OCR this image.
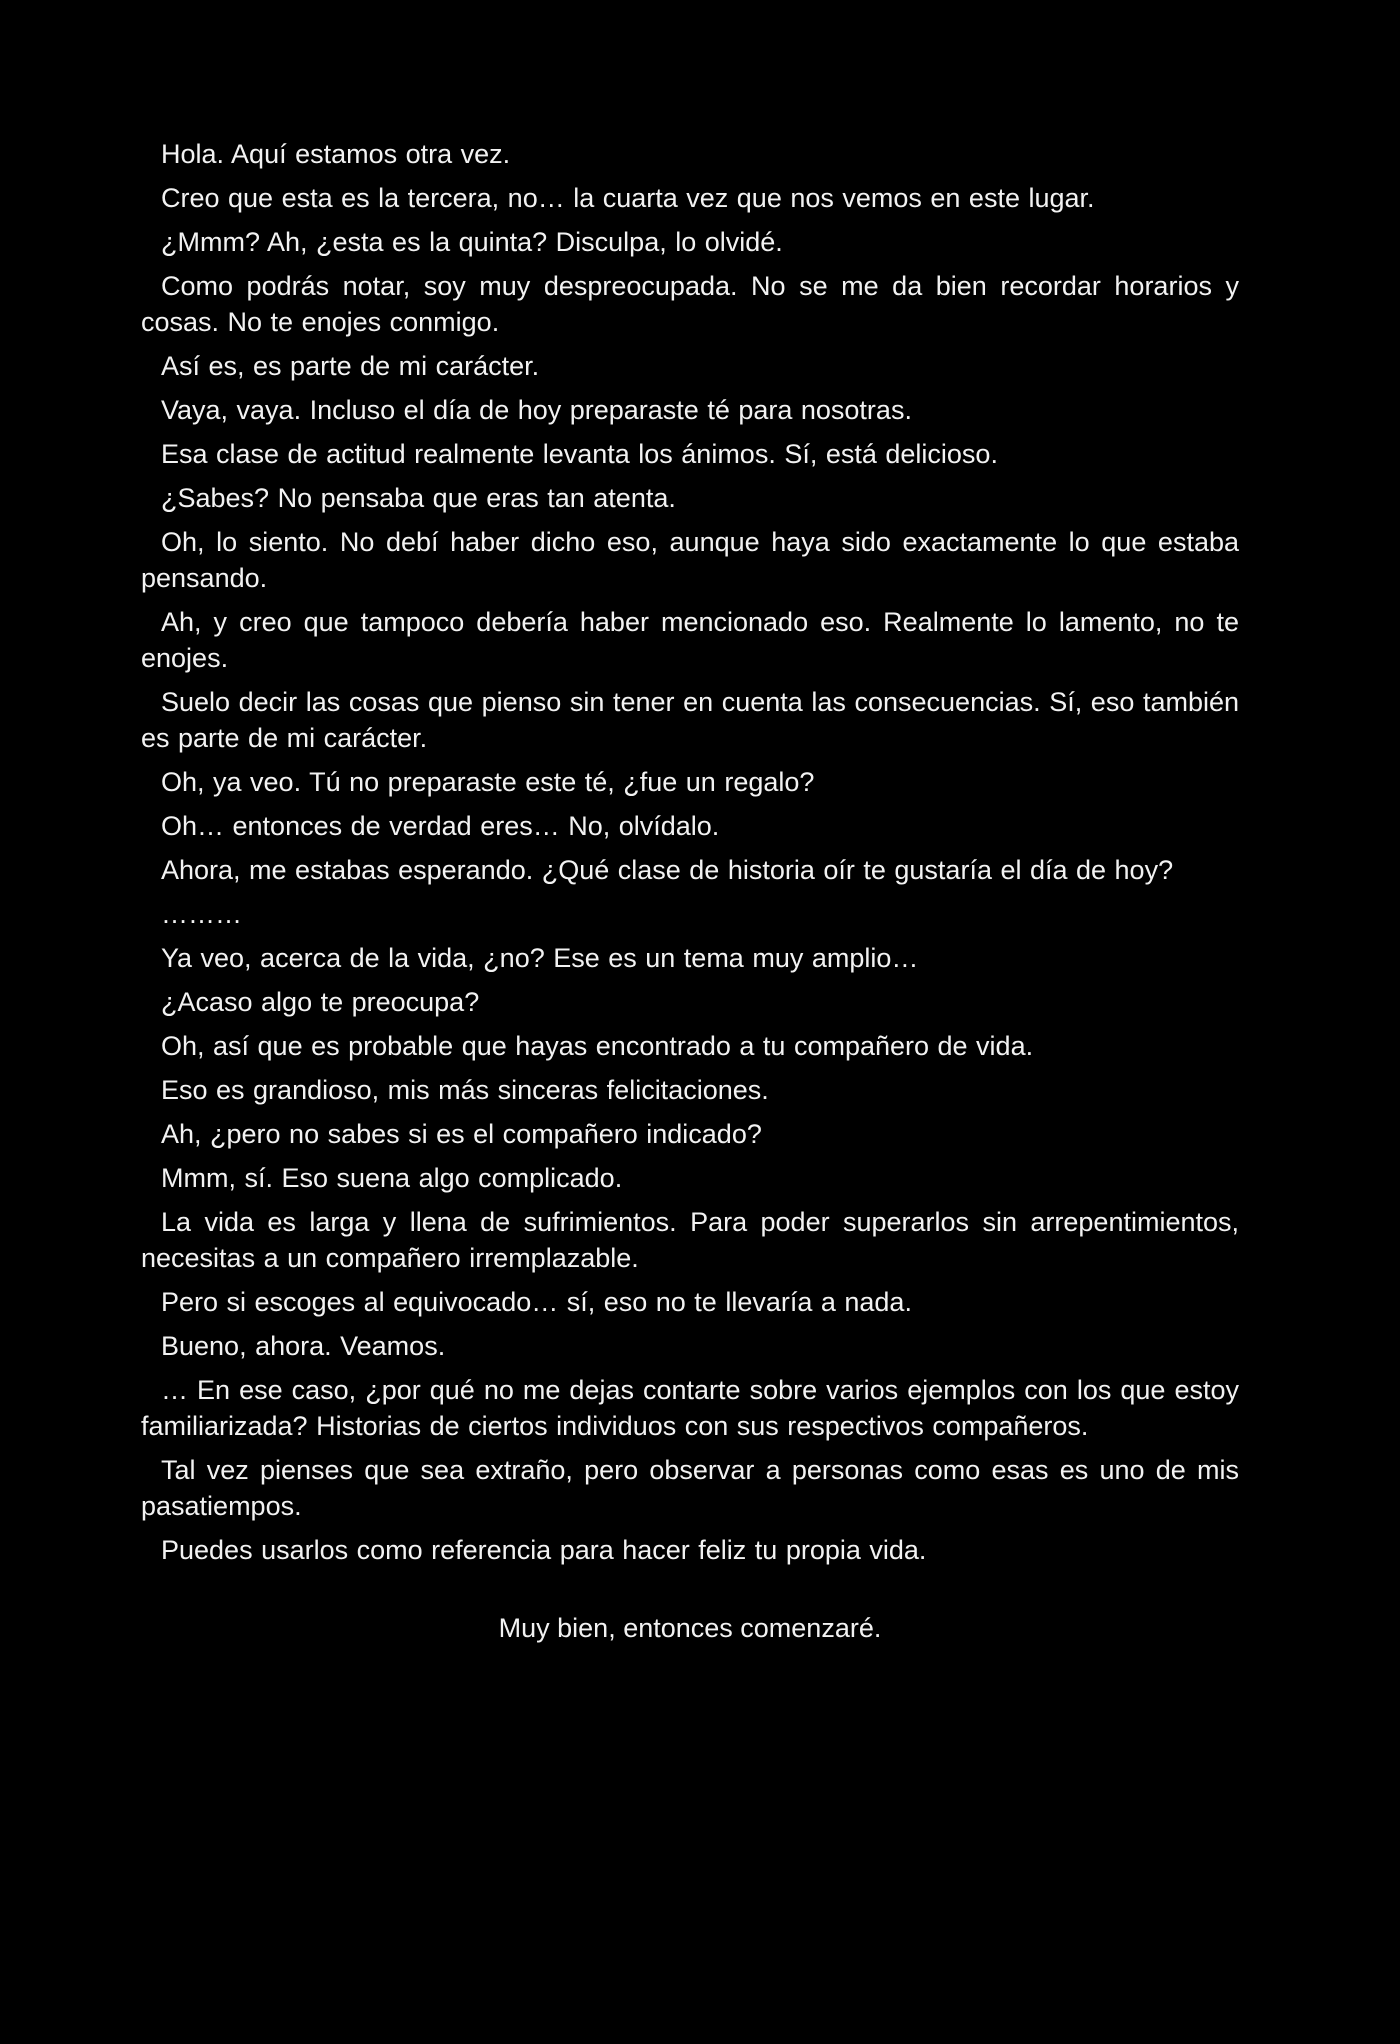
Hola. Aquí estamos otra vez.

Creo que esta es la tercera, no… la cuarta vez que nos vemos en este lugar.

¿Mmm? Ah, ¿esta es la quinta? Disculpa, lo olvidé.

Como podrás notar, soy muy despreocupada. No se me da bien recordar horarios y cosas. No te enojes conmigo.

Así es, es parte de mi carácter.

Vaya, vaya. Incluso el día de hoy preparaste té para nosotras.

Esa clase de actitud realmente levanta los ánimos. Sí, está delicioso.

¿Sabes? No pensaba que eras tan atenta.

Oh, lo siento. No debí haber dicho eso, aunque haya sido exactamente lo que estaba pensando.

Ah, y creo que tampoco debería haber mencionado eso. Realmente lo lamento, no te enojes.

Suelo decir las cosas que pienso sin tener en cuenta las consecuencias. Sí, eso también es parte de mi carácter.

Oh, ya veo. Tú no preparaste este té, ¿fue un regalo?

Oh… entonces de verdad eres… No, olvídalo.

Ahora, me estabas esperando. ¿Qué clase de historia oír te gustaría el día de hoy?

………

Ya veo, acerca de la vida, ¿no? Ese es un tema muy amplio…

¿Acaso algo te preocupa?

Oh, así que es probable que hayas encontrado a tu compañero de vida.

Eso es grandioso, mis más sinceras felicitaciones.

Ah, ¿pero no sabes si es el compañero indicado?

Mmm, sí. Eso suena algo complicado.

La vida es larga y llena de sufrimientos. Para poder superarlos sin arrepentimientos, necesitas a un compañero irremplazable.

Pero si escoges al equivocado… sí, eso no te llevaría a nada.

Bueno, ahora. Veamos.

… En ese caso, ¿por qué no me dejas contarte sobre varios ejemplos con los que estoy familiarizada? Historias de ciertos individuos con sus respectivos compañeros.

Tal vez pienses que sea extraño, pero observar a personas como esas es uno de mis pasatiempos.

Puedes usarlos como referencia para hacer feliz tu propia vida.

Muy bien, entonces comenzaré.
